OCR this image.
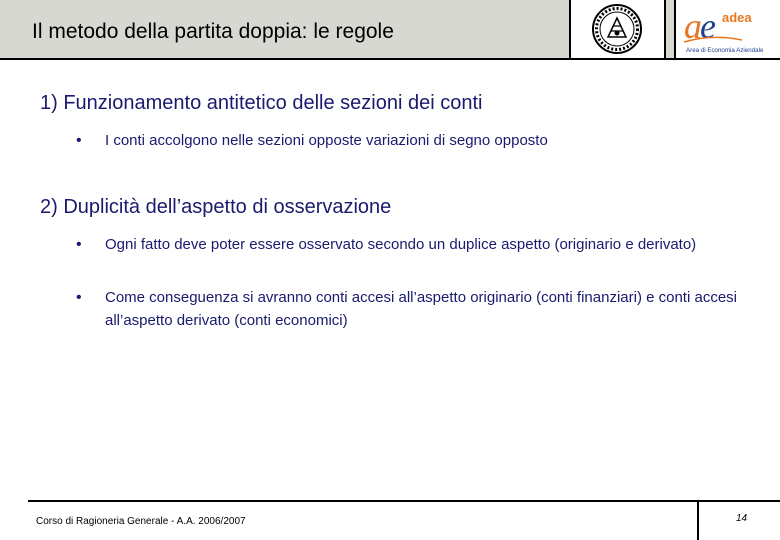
Il metodo della partita doppia: le regole	a
e adea
Area di Economia Aziendale
1) Funzionamento antitetico delle sezioni dei conti
• I conti accolgono nelle sezioni opposte variazioni di segno opposto
2) Duplicità dell’aspetto di osservazione
• Ogni fatto deve poter essere osservato secondo un duplice aspetto (originario e derivato)
• Come conseguenza si avranno conti accesi all’aspetto originario (conti finanziari) e conti accesi all’aspetto derivato (conti economici)
Corso di Ragioneria Generale - A.A. 2006/2007	14
